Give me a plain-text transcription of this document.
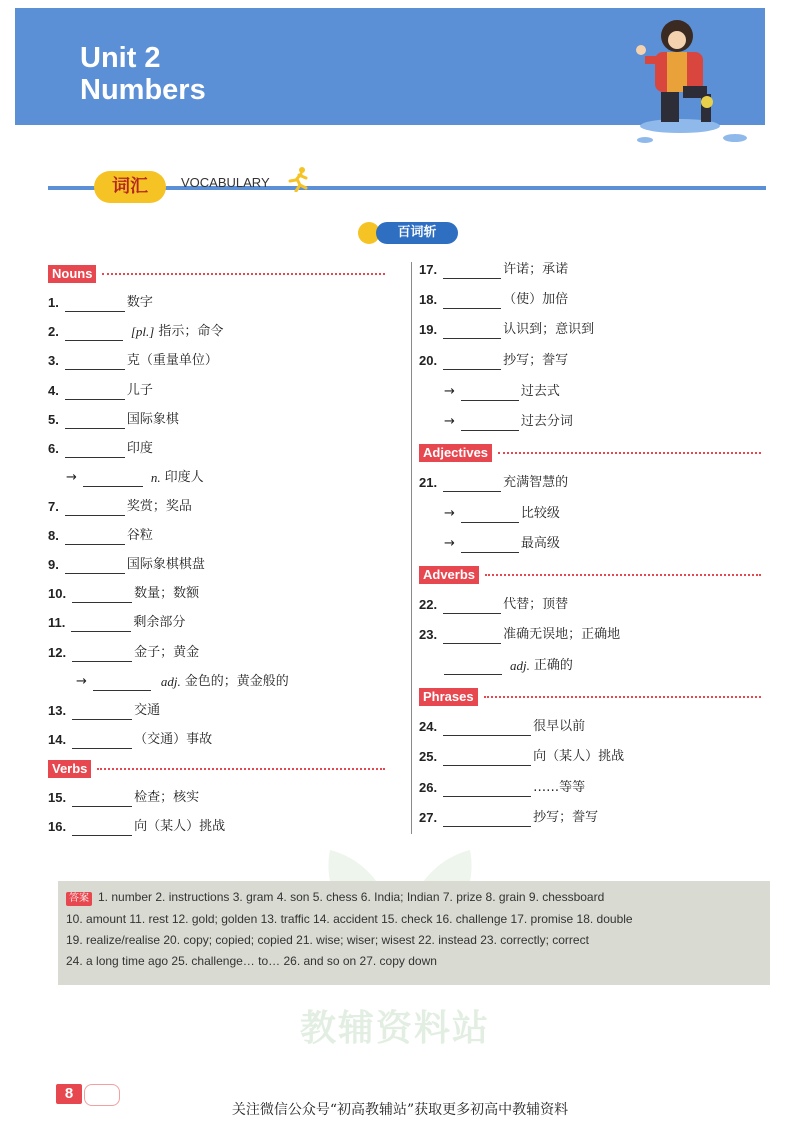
Unit 2
Numbers
词汇	VOCABULARY
百词斩
Nouns
Verbs
Adjectives
Adverbs
Phrases
1.	数字
2.	[pl.] 指示；命令
3.	克（重量单位）
4.	儿子
5.	国际象棋
6.	印度
→	n. 印度人
7.	奖赏；奖品
8.	谷粒
9.	国际象棋棋盘
10.	数量；数额
11.	剩余部分
12.	金子；黄金
→	adj. 金色的；黄金般的
13.	交通
14.	（交通）事故
15.	检查；核实
16.	向（某人）挑战
17.	许诺；承诺
18.	（使）加倍
19.	认识到；意识到
20.	抄写；誊写
→	过去式
→	过去分词
21.	充满智慧的
→	比较级
→	最高级
22.	代替；顶替
23.	准确无误地；正确地
adj. 正确的
24.	很早以前
25.	向（某人）挑战
26.	……等等
27.	抄写；誊写
答案 1. number 2. instructions 3. gram 4. son 5. chess 6. India; Indian 7. prize 8. grain 9. chessboard
10. amount 11. rest 12. gold; golden 13. traffic 14. accident 15. check 16. challenge 17. promise 18. double
19. realize/realise 20. copy; copied; copied 21. wise; wiser; wisest 22. instead 23. correctly; correct
24. a long time ago 25. challenge… to… 26. and so on 27. copy down
教辅资料站
8
关注微信公众号“初高教辅站”获取更多初高中教辅资料
